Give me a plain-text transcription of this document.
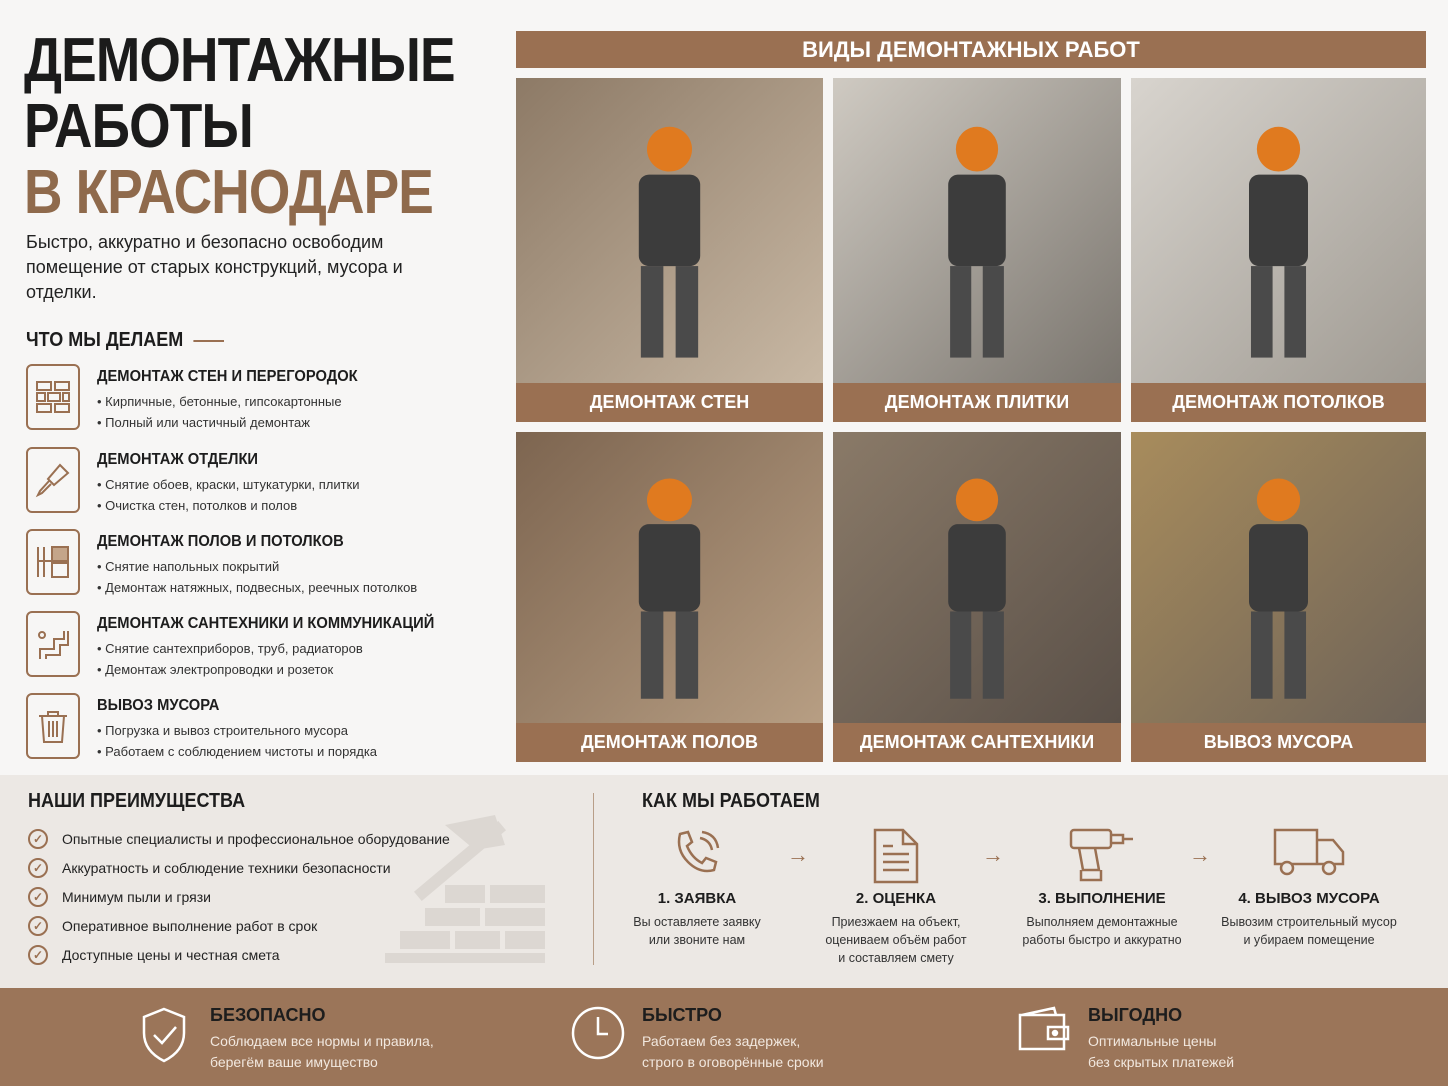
ДЕМОНТАЖНЫЕ
РАБОТЫ
В КРАСНОДАРЕ
Быстро, аккуратно и безопасно освободим помещение от старых конструкций, мусора и отделки.
ЧТО МЫ ДЕЛАЕМ
ДЕМОНТАЖ СТЕН И ПЕРЕГОРОДОК

• Кирпичные, бетонные, гипсокартонные

• Полный или частичный демонтаж

ДЕМОНТАЖ ОТДЕЛКИ

• Снятие обоев, краски, штукатурки, плитки

• Очистка стен, потолков и полов

ДЕМОНТАЖ ПОЛОВ И ПОТОЛКОВ

• Снятие напольных покрытий

• Демонтаж натяжных, подвесных, реечных потолков

ДЕМОНТАЖ САНТЕХНИКИ И КОММУНИКАЦИЙ

• Снятие сантехприборов, труб, радиаторов

• Демонтаж электропроводки и розеток

ВЫВОЗ МУСОРА

• Погрузка и вывоз строительного мусора

• Работаем с соблюдением чистоты и порядка

ВИДЫ ДЕМОНТАЖНЫХ РАБОТ
ДЕМОНТАЖ СТЕН	ДЕМОНТАЖ ПЛИТКИ	ДЕМОНТАЖ ПОТОЛКОВ
ДЕМОНТАЖ ПОЛОВ	ДЕМОНТАЖ САНТЕХНИКИ	ВЫВОЗ МУСОРА
НАШИ ПРЕИМУЩЕСТВА
✓	Опытные специалисты и профессиональное оборудование
✓	Аккуратность и соблюдение техники безопасности
✓	Минимум пыли и грязи
✓	Оперативное выполнение работ в срок
✓	Доступные цены и честная смета
КАК МЫ РАБОТАЕМ
1. ЗАЯВКА

Вы оставляете заявку
или звоните нам

→
2. ОЦЕНКА

Приезжаем на объект,
оцениваем объём работ
и составляем смету

→
3. ВЫПОЛНЕНИЕ

Выполняем демонтажные
работы быстро и аккуратно

→
4. ВЫВОЗ МУСОРА

Вывозим строительный мусор
и убираем помещение

БЕЗОПАСНО

Соблюдаем все нормы и правила,
берегём ваше имущество

БЫСТРО

Работаем без задержек,
строго в оговорённые сроки

ВЫГОДНО

Оптимальные цены
без скрытых платежей
